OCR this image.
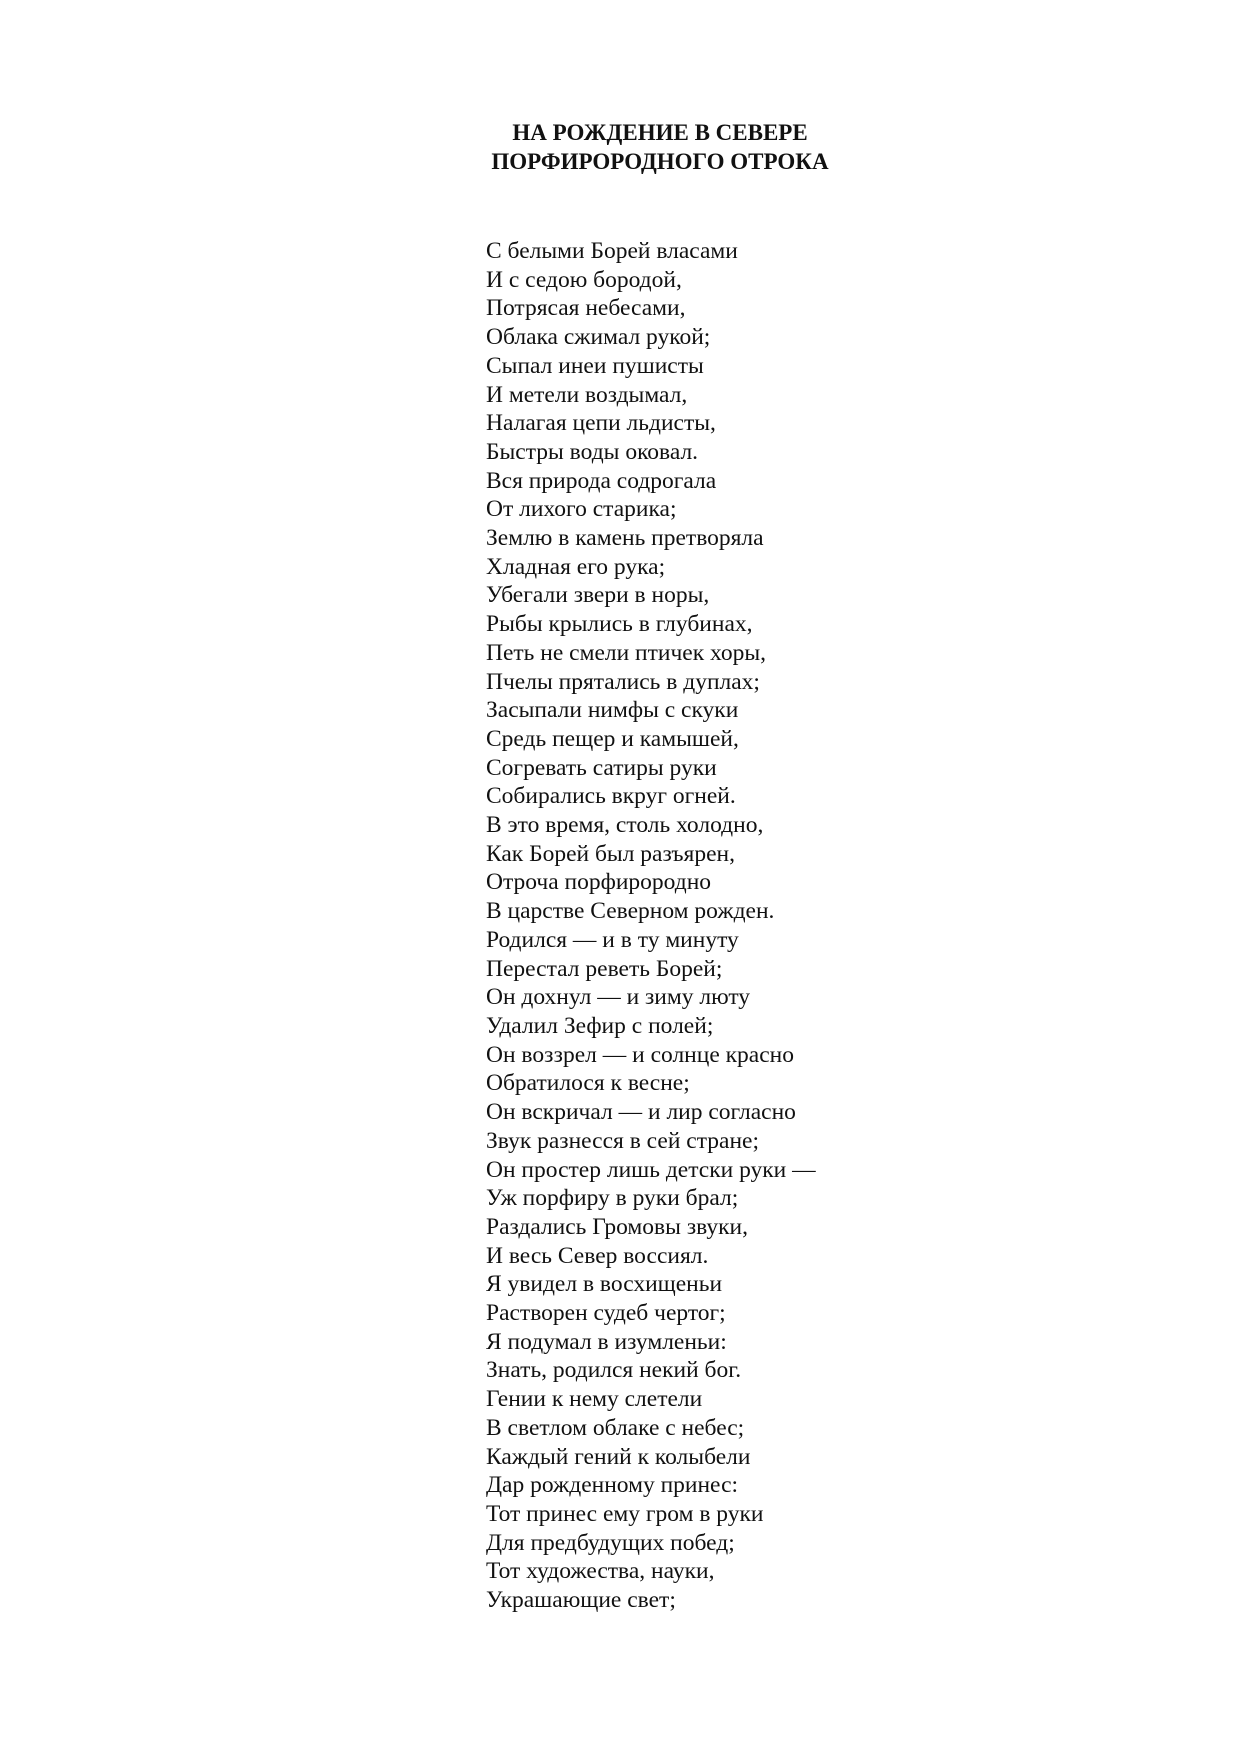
НА РОЖДЕНИЕ В СЕВЕРЕ
ПОРФИРОРОДНОГО ОТРОКА
С белыми Борей власами
И с седою бородой,
Потрясая небесами,
Облака сжимал рукой;
Сыпал инеи пушисты
И метели воздымал,
Налагая цепи льдисты,
Быстры воды оковал.
Вся природа содрогала
От лихого старика;
Землю в камень претворяла
Хладная его рука;
Убегали звери в норы,
Рыбы крылись в глубинах,
Петь не смели птичек хоры,
Пчелы прятались в дуплах;
Засыпали нимфы с скуки
Средь пещер и камышей,
Согревать сатиры руки
Собирались вкруг огней.
В это время, столь холодно,
Как Борей был разъярен,
Отроча порфирородно
В царстве Северном рожден.
Родился — и в ту минуту
Перестал реветь Борей;
Он дохнул — и зиму люту
Удалил Зефир с полей;
Он воззрел — и солнце красно
Обратилося к весне;
Он вскричал — и лир согласно
Звук разнесся в сей стране;
Он простер лишь детски руки —
Уж порфиру в руки брал;
Раздались Громовы звуки,
И весь Север воссиял.
Я увидел в восхищеньи
Растворен судеб чертог;
Я подумал в изумленьи:
Знать, родился некий бог.
Гении к нему слетели
В светлом облаке с небес;
Каждый гений к колыбели
Дар рожденному принес:
Тот принес ему гром в руки
Для предбудущих побед;
Тот художества, науки,
Украшающие свет;
